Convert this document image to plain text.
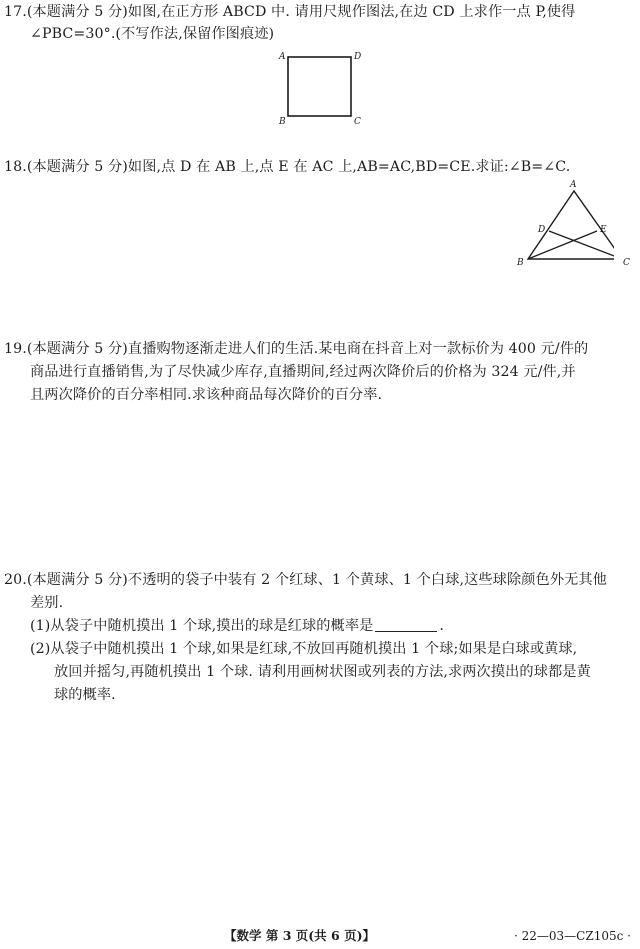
17.(本题满分 5 分)如图,在正方形 ABCD 中. 请用尺规作图法,在边 CD 上求作一点 P,使得
∠PBC=30°.(不写作法,保留作图痕迹)
A	D
B	C
18.(本题满分 5 分)如图,点 D 在 AB 上,点 E 在 AC 上,AB=AC,BD=CE.求证:∠B=∠C.
A
B
D	E
C
19.(本题满分 5 分)直播购物逐渐走进人们的生活.某电商在抖音上对一款标价为 400 元/件的
商品进行直播销售,为了尽快减少库存,直播期间,经过两次降价后的价格为 324 元/件,并
且两次降价的百分率相同.求该种商品每次降价的百分率.
20.(本题满分 5 分)不透明的袋子中装有 2 个红球、1 个黄球、1 个白球,这些球除颜色外无其他
差别.
(1)从袋子中随机摸出 1 个球,摸出的球是红球的概率是	.
(2)从袋子中随机摸出 1 个球,如果是红球,不放回再随机摸出 1 个球;如果是白球或黄球,
放回并摇匀,再随机摸出 1 个球. 请利用画树状图或列表的方法,求两次摸出的球都是黄
球的概率.
【数学 第 3 页(共 6 页)】	· 22—03—CZ105c ·
